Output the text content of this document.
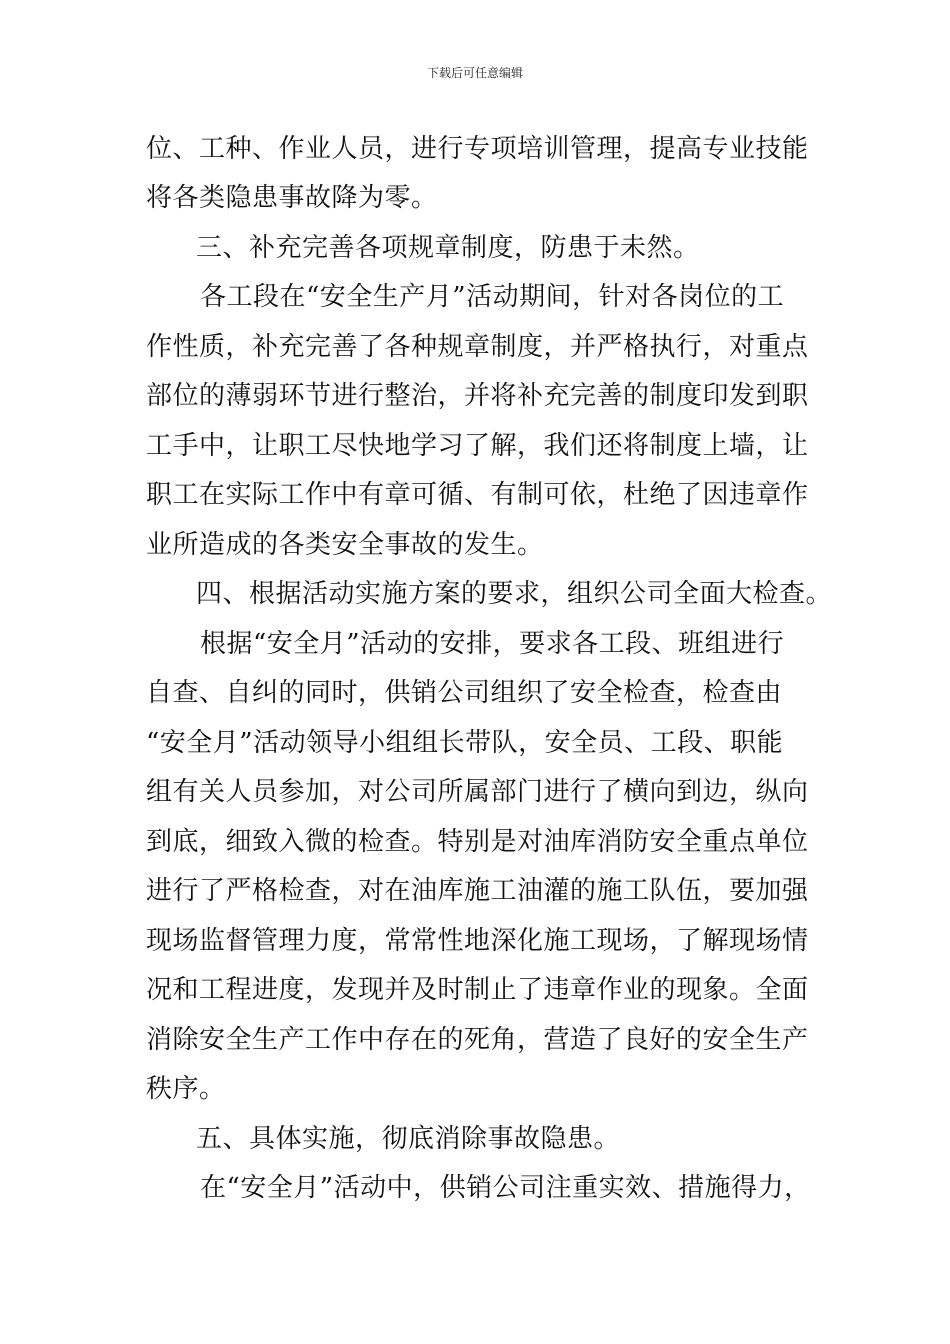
下载后可任意编辑
位、工种、作业人员，进行专项培训管理，提高专业技能
将各类隐患事故降为零。
三、补充完善各项规章制度，防患于未然。
各工段在“安全生产月”活动期间，针对各岗位的工
作性质，补充完善了各种规章制度，并严格执行，对重点
部位的薄弱环节进行整治，并将补充完善的制度印发到职
工手中，让职工尽快地学习了解，我们还将制度上墙，让
职工在实际工作中有章可循、有制可依，杜绝了因违章作
业所造成的各类安全事故的发生。
四、根据活动实施方案的要求，组织公司全面大检查。
根据“安全月”活动的安排，要求各工段、班组进行
自查、自纠的同时，供销公司组织了安全检查，检查由
“安全月”活动领导小组组长带队，安全员、工段、职能
组有关人员参加，对公司所属部门进行了横向到边，纵向
到底，细致入微的检查。特别是对油库消防安全重点单位
进行了严格检查，对在油库施工油灌的施工队伍，要加强
现场监督管理力度，常常性地深化施工现场，了解现场情
况和工程进度，发现并及时制止了违章作业的现象。全面
消除安全生产工作中存在的死角，营造了良好的安全生产
秩序。
五、具体实施，彻底消除事故隐患。
在“安全月”活动中，供销公司注重实效、措施得力，
